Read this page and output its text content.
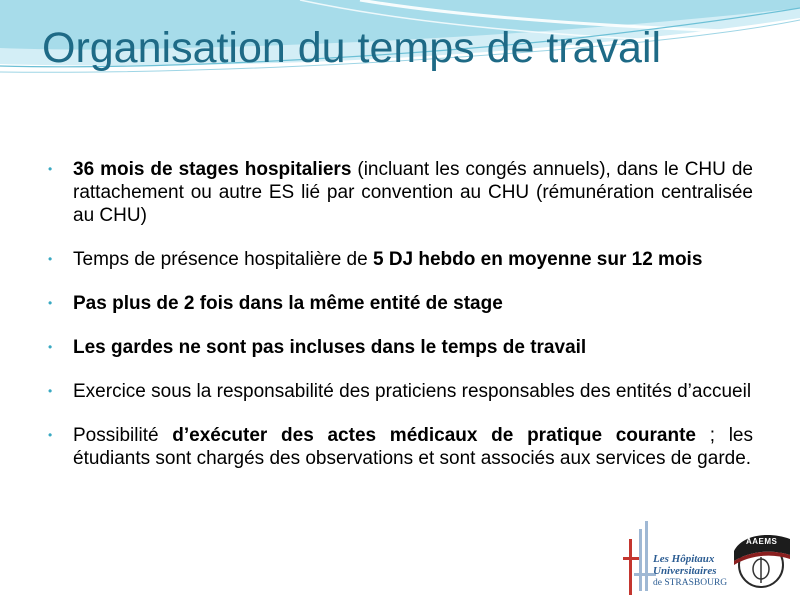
Organisation du temps de travail
• 36 mois de stages hospitaliers (incluant les congés annuels), dans le CHU de rattachement ou autre ES lié par convention au CHU (rémunération centralisée au CHU)
• Temps de présence hospitalière de 5 DJ hebdo en moyenne sur 12 mois
• Pas plus de 2 fois dans la même entité de stage
• Les gardes ne sont pas incluses dans le temps de travail
• Exercice sous la responsabilité des praticiens responsables des entités d’accueil
• Possibilité d’exécuter des actes médicaux de pratique courante ; les étudiants sont chargés des observations et sont associés aux services de garde.
Les Hôpitaux
Universitaires
de STRASBOURG
AAEMS
